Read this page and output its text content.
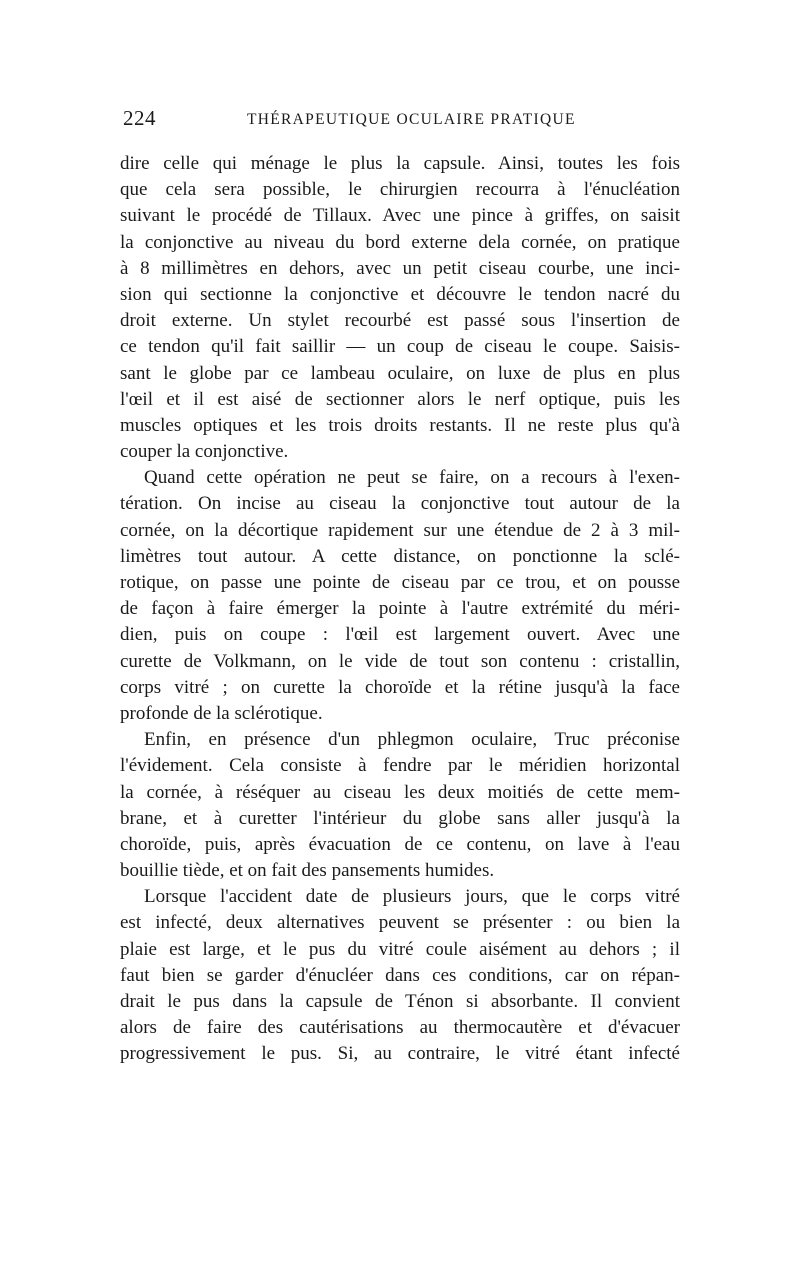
224	THÉRAPEUTIQUE OCULAIRE PRATIQUE
dire celle qui ménage le plus la capsule. Ainsi, toutes les fois
que cela sera possible, le chirurgien recourra à l'énucléation
suivant le procédé de Tillaux. Avec une pince à griffes, on saisit
la conjonctive au niveau du bord externe dela cornée, on pratique
à 8 millimètres en dehors, avec un petit ciseau courbe, une inci-
sion qui sectionne la conjonctive et découvre le tendon nacré du
droit externe. Un stylet recourbé est passé sous l'insertion de
ce tendon qu'il fait saillir — un coup de ciseau le coupe. Saisis-
sant le globe par ce lambeau oculaire, on luxe de plus en plus
l'œil et il est aisé de sectionner alors le nerf optique, puis les
muscles optiques et les trois droits restants. Il ne reste plus qu'à
couper la conjonctive.
Quand cette opération ne peut se faire, on a recours à l'exen-
tération. On incise au ciseau la conjonctive tout autour de la
cornée, on la décortique rapidement sur une étendue de 2 à 3 mil-
limètres tout autour. A cette distance, on ponctionne la sclé-
rotique, on passe une pointe de ciseau par ce trou, et on pousse
de façon à faire émerger la pointe à l'autre extrémité du méri-
dien, puis on coupe : l'œil est largement ouvert. Avec une
curette de Volkmann, on le vide de tout son contenu : cristallin,
corps vitré ; on curette la choroïde et la rétine jusqu'à la face
profonde de la sclérotique.
Enfin, en présence d'un phlegmon oculaire, Truc préconise
l'évidement. Cela consiste à fendre par le méridien horizontal
la cornée, à réséquer au ciseau les deux moitiés de cette mem-
brane, et à curetter l'intérieur du globe sans aller jusqu'à la
choroïde, puis, après évacuation de ce contenu, on lave à l'eau
bouillie tiède, et on fait des pansements humides.
Lorsque l'accident date de plusieurs jours, que le corps vitré
est infecté, deux alternatives peuvent se présenter : ou bien la
plaie est large, et le pus du vitré coule aisément au dehors ; il
faut bien se garder d'énucléer dans ces conditions, car on répan-
drait le pus dans la capsule de Ténon si absorbante. Il convient
alors de faire des cautérisations au thermocautère et d'évacuer
progressivement le pus. Si, au contraire, le vitré étant infecté
